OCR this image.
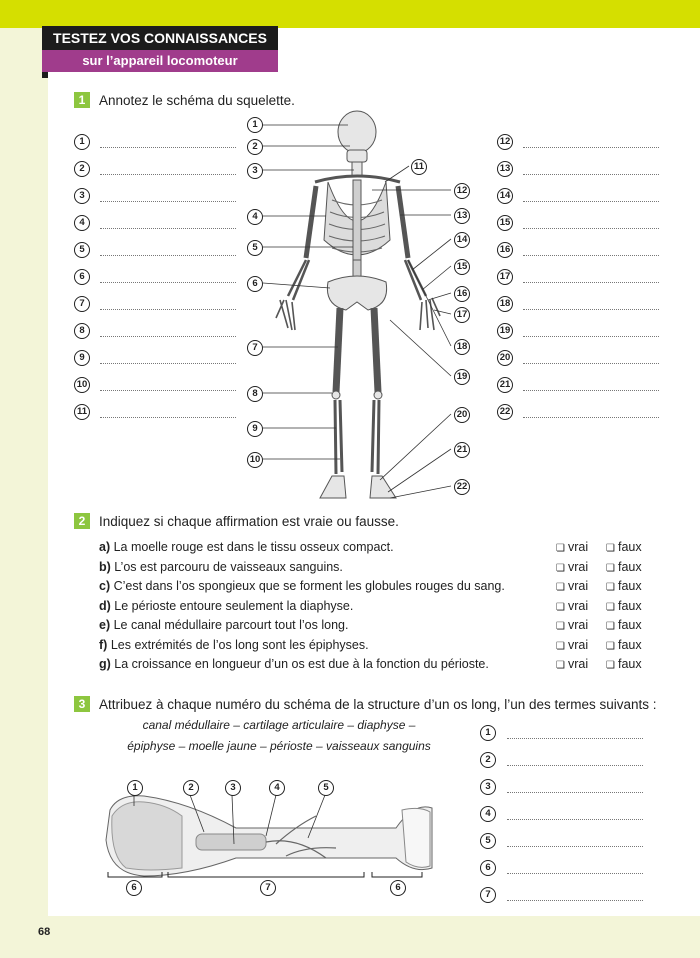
TESTEZ VOS CONNAISSANCES
sur l’appareil locomoteur
1	Annotez le schéma du squelette.
1
2
3
4
5
6
7
8
9
10
11
12
13
14
15
16
17
18
19
20
21
22
1
2
3
4
5
6
7
8
9
10
11
12
13
14
15
16
17
18
19
20
21
22
2	Indiquez si chaque affirmation est vraie ou fausse.
a) La moelle rouge est dans le tissu osseux compact.	❏ vrai ❏ faux
b) L’os est parcouru de vaisseaux sanguins.	❏ vrai ❏ faux
c) C’est dans l’os spongieux que se forment les globules rouges du sang.	❏ vrai ❏ faux
d) Le périoste entoure seulement la diaphyse.	❏ vrai ❏ faux
e) Le canal médullaire parcourt tout l’os long.	❏ vrai ❏ faux
f) Les extrémités de l’os long sont les épiphyses.	❏ vrai ❏ faux
g) La croissance en longueur d’un os est due à la fonction du périoste.	❏ vrai ❏ faux
3	Attribuez à chaque numéro du schéma de la structure d’un os long, l’un des termes suivants :
canal médullaire – cartilage articulaire – diaphyse –
épiphyse – moelle jaune – périoste – vaisseaux sanguins
1	2	3	4	5
6	7	6
1
2
3
4
5
6
7
68
